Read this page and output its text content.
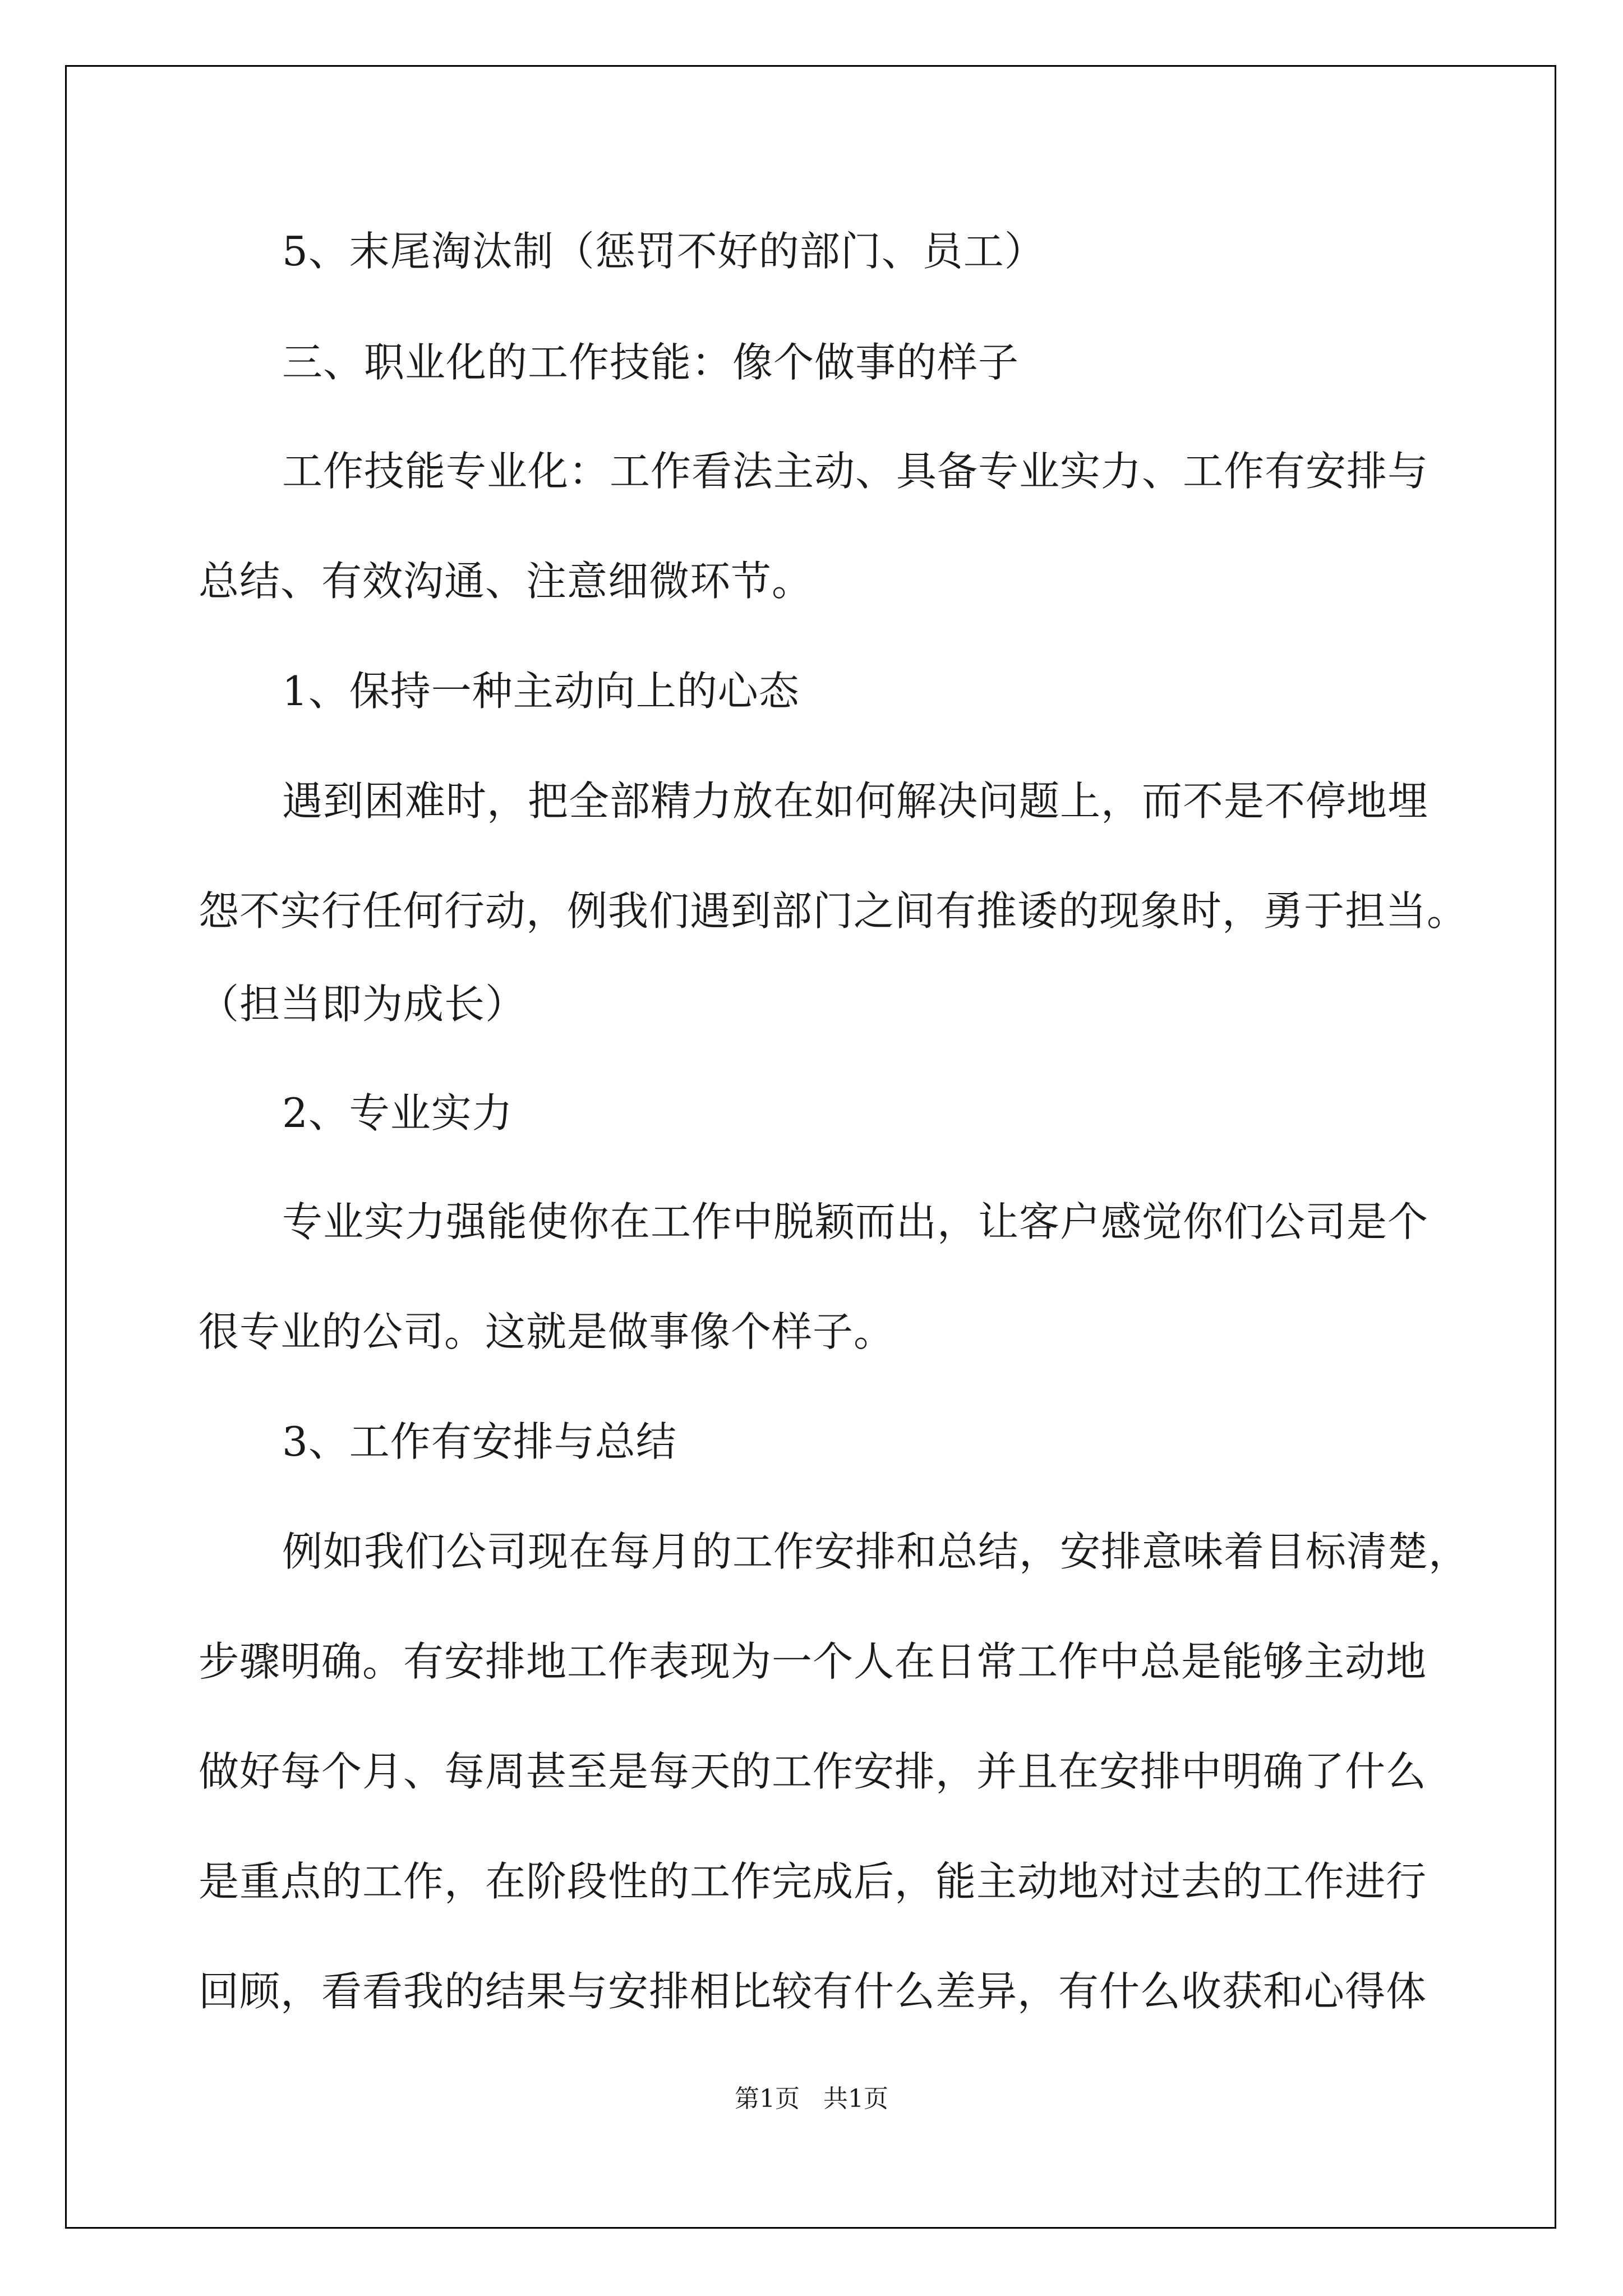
5、末尾淘汰制（惩罚不好的部门、员工）

三、职业化的工作技能：像个做事的样子

工作技能专业化：工作看法主动、具备专业实力、工作有安排与

总结、有效沟通、注意细微环节。

1、保持一种主动向上的心态

遇到困难时，把全部精力放在如何解决问题上，而不是不停地埋

怨不实行任何行动，例我们遇到部门之间有推诿的现象时，勇于担当。

（担当即为成长）

2、专业实力

专业实力强能使你在工作中脱颖而出，让客户感觉你们公司是个

很专业的公司。这就是做事像个样子。

3、工作有安排与总结

例如我们公司现在每月的工作安排和总结，安排意味着目标清楚，

步骤明确。有安排地工作表现为一个人在日常工作中总是能够主动地

做好每个月、每周甚至是每天的工作安排，并且在安排中明确了什么

是重点的工作，在阶段性的工作完成后，能主动地对过去的工作进行

回顾，看看我的结果与安排相比较有什么差异，有什么收获和心得体

第1页 共1页
